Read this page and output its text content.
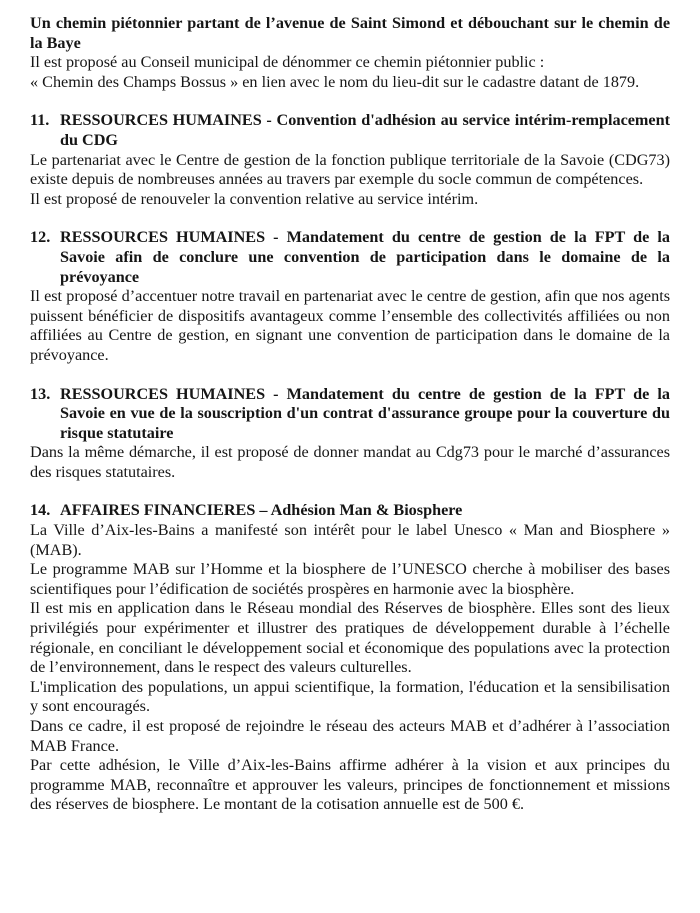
Un chemin piétonnier partant de l’avenue de Saint Simond et débouchant sur le chemin de la Baye

Il est proposé au Conseil municipal de dénommer ce chemin piétonnier public :

« Chemin des Champs Bossus » en lien avec le nom du lieu-dit sur le cadastre datant de 1879.

11. RESSOURCES HUMAINES - Convention d'adhésion au service intérim-remplacement du CDG

Le partenariat avec le Centre de gestion de la fonction publique territoriale de la Savoie (CDG73) existe depuis de nombreuses années au travers par exemple du socle commun de compétences.

Il est proposé de renouveler la convention relative au service intérim.

12. RESSOURCES HUMAINES - Mandatement du centre de gestion de la FPT de la Savoie afin de conclure une convention de participation dans le domaine de la prévoyance

Il est proposé d’accentuer notre travail en partenariat avec le centre de gestion, afin que nos agents puissent bénéficier de dispositifs avantageux comme l’ensemble des collectivités affiliées ou non affiliées au Centre de gestion, en signant une convention de participation dans le domaine de la prévoyance.

13. RESSOURCES HUMAINES - Mandatement du centre de gestion de la FPT de la Savoie en vue de la souscription d'un contrat d'assurance groupe pour la couverture du risque statutaire

Dans la même démarche, il est proposé de donner mandat au Cdg73 pour le marché d’assurances des risques statutaires.

14. AFFAIRES FINANCIERES – Adhésion Man & Biosphere

La Ville d’Aix-les-Bains a manifesté son intérêt pour le label Unesco « Man and Biosphere » (MAB).

Le programme MAB sur l’Homme et la biosphere de l’UNESCO cherche à mobiliser des bases scientifiques pour l’édification de sociétés prospères en harmonie avec la biosphère.

Il est mis en application dans le Réseau mondial des Réserves de biosphère. Elles sont des lieux privilégiés pour expérimenter et illustrer des pratiques de développement durable à l’échelle régionale, en conciliant le développement social et économique des populations avec la protection de l’environnement, dans le respect des valeurs culturelles.

L'implication des populations, un appui scientifique, la formation, l'éducation et la sensibilisation y sont encouragés.

Dans ce cadre, il est proposé de rejoindre le réseau des acteurs MAB et d’adhérer à l’association MAB France.

Par cette adhésion, le Ville d’Aix-les-Bains affirme adhérer à la vision et aux principes du programme MAB, reconnaître et approuver les valeurs, principes de fonctionnement et missions des réserves de biosphere. Le montant de la cotisation annuelle est de 500 €.
